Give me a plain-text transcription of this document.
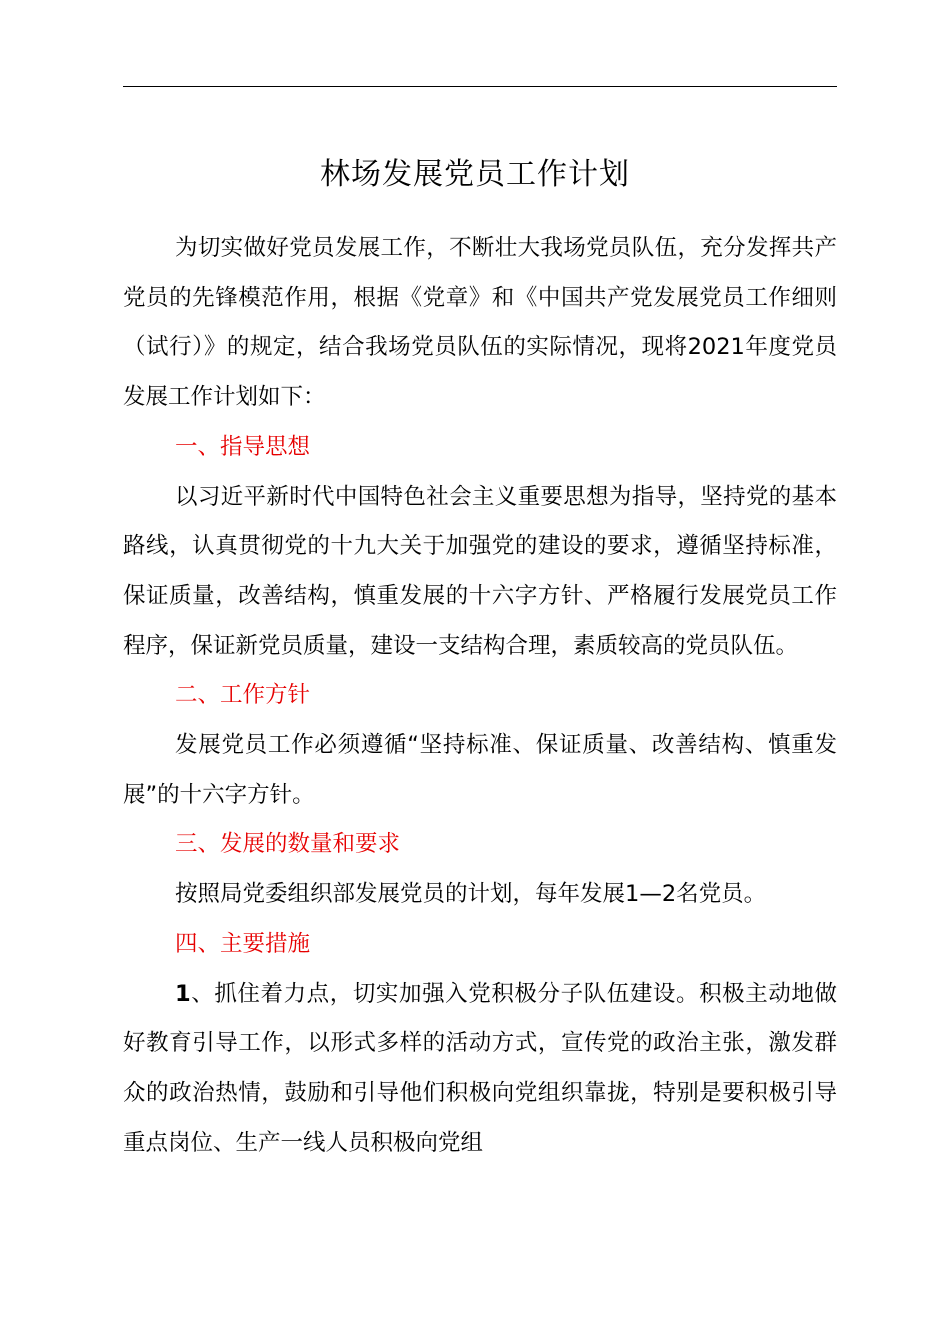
林场发展党员工作计划

为切实做好党员发展工作，不断壮大我场党员队伍，充分发挥共产党员的先锋模范作用，根据《党章》和《中国共产党发展党员工作细则（试行）》的规定，结合我场党员队伍的实际情况，现将2021年度党员发展工作计划如下：

一、指导思想

以习近平新时代中国特色社会主义重要思想为指导，坚持党的基本路线，认真贯彻党的十九大关于加强党的建设的要求，遵循坚持标准，保证质量，改善结构，慎重发展的十六字方针、严格履行发展党员工作程序，保证新党员质量，建设一支结构合理，素质较高的党员队伍。

二、工作方针

发展党员工作必须遵循“坚持标准、保证质量、改善结构、慎重发展”的十六字方针。

三、发展的数量和要求

按照局党委组织部发展党员的计划，每年发展1—2名党员。

四、主要措施

1、抓住着力点，切实加强入党积极分子队伍建设。积极主动地做好教育引导工作，以形式多样的活动方式，宣传党的政治主张，激发群众的政治热情，鼓励和引导他们积极向党组织靠拢，特别是要积极引导重点岗位、生产一线人员积极向党组
